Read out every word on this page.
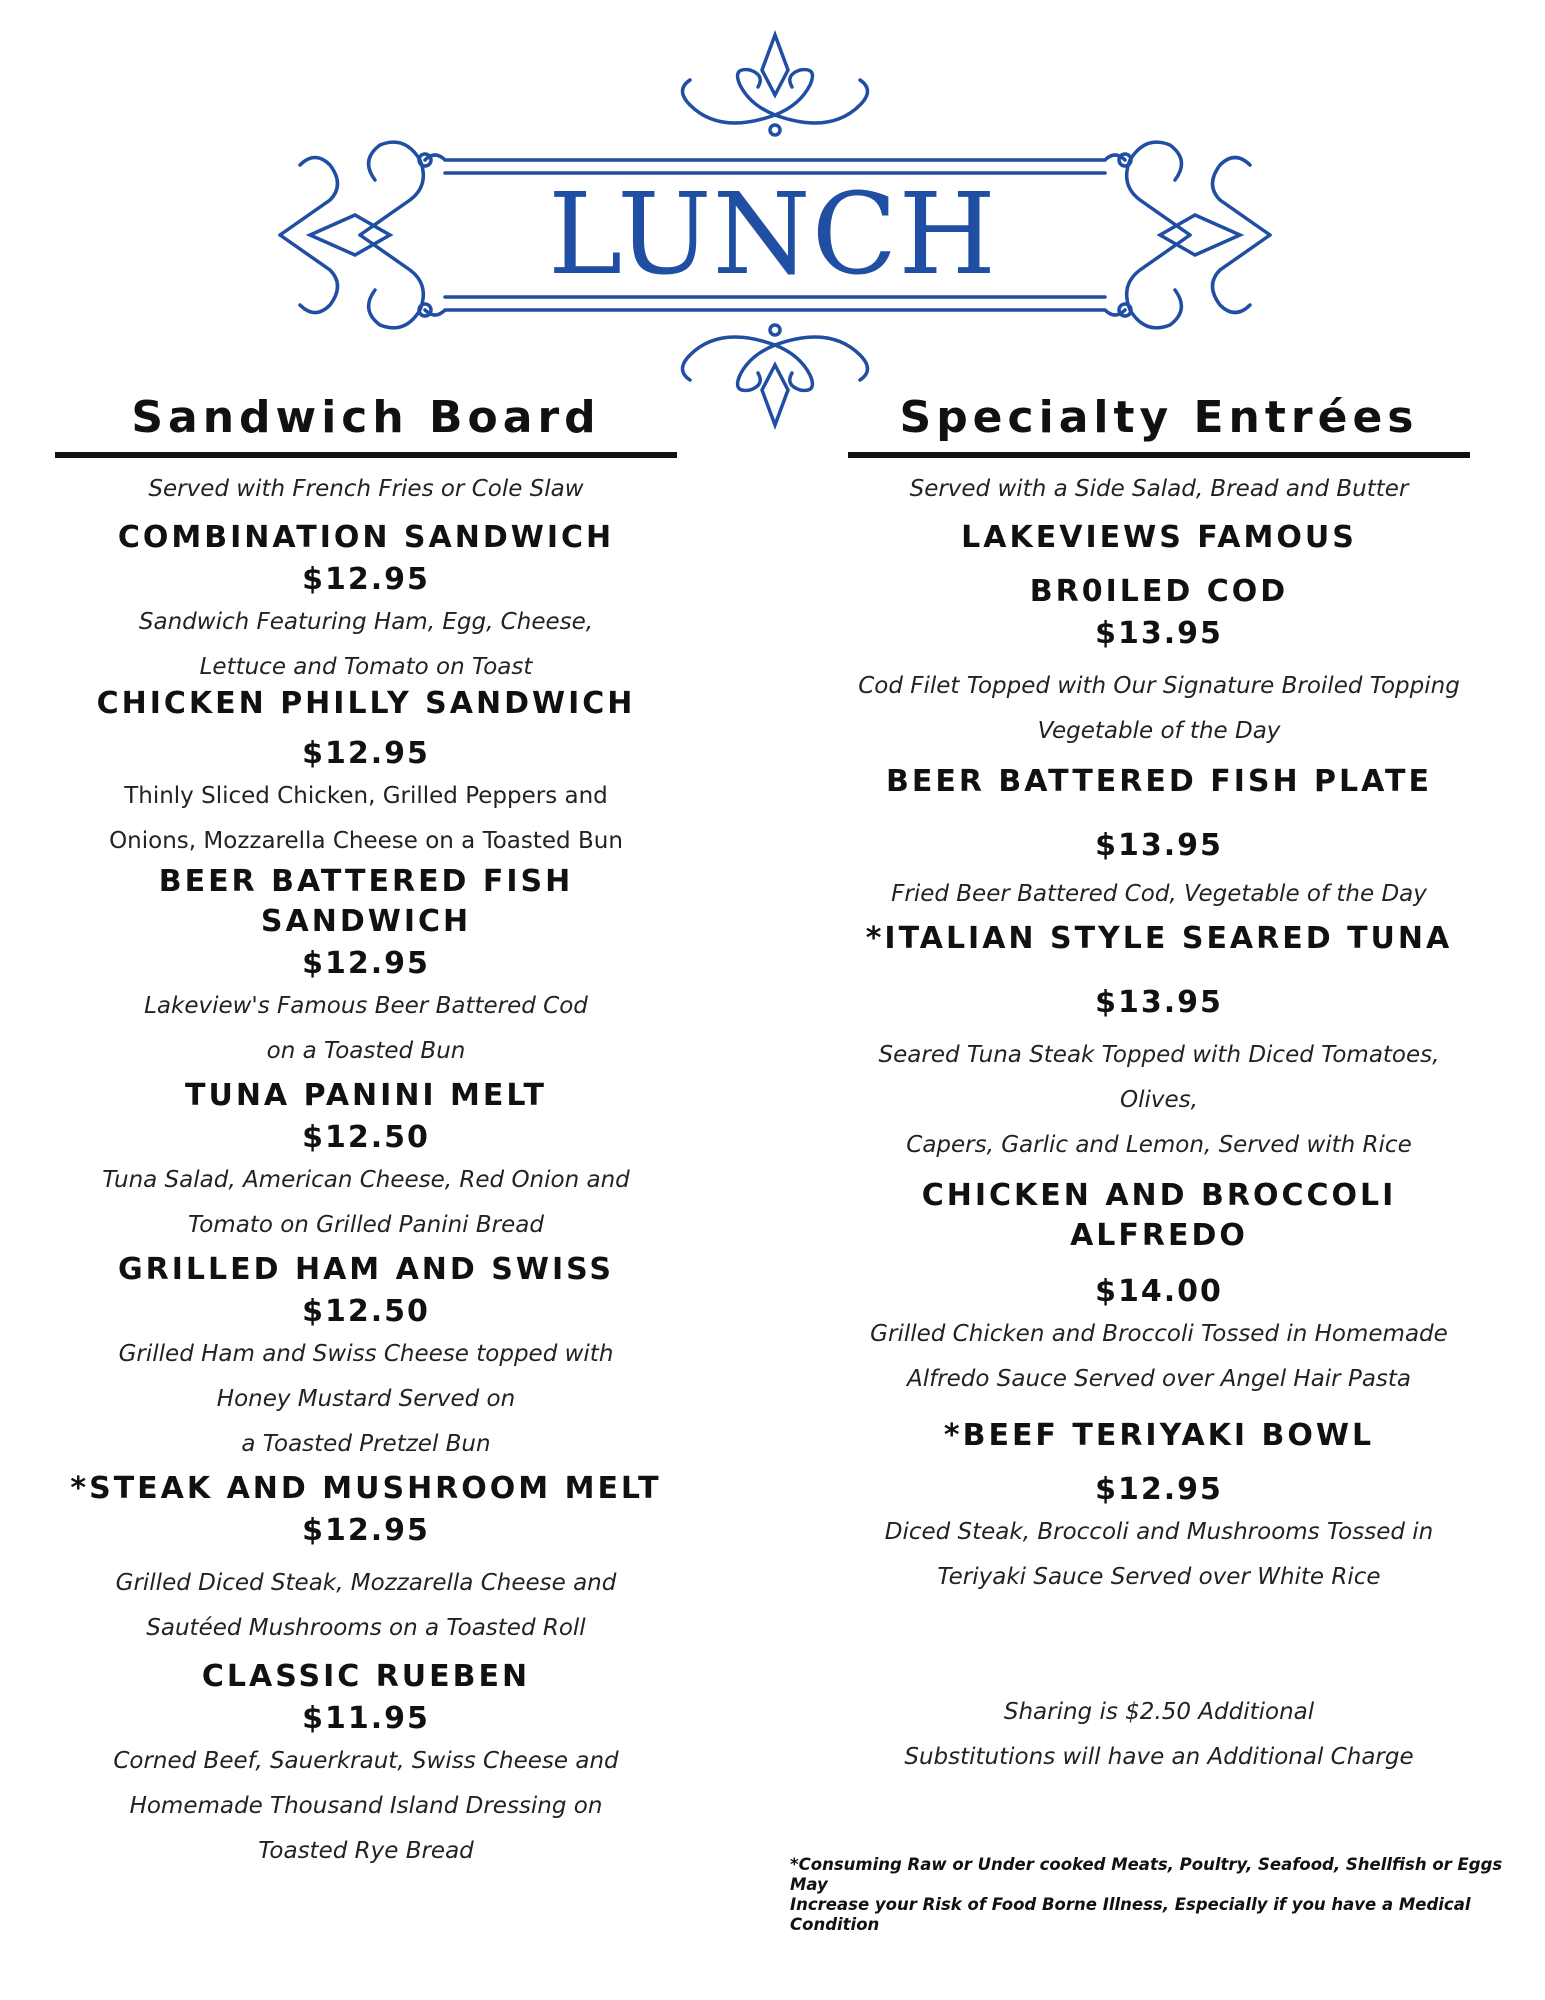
LUNCH
Sandwich Board

Served with French Fries or Cole Slaw

COMBINATION SANDWICH

$12.95

Sandwich Featuring Ham, Egg, Cheese,

Lettuce and Tomato on Toast

CHICKEN PHILLY SANDWICH

$12.95

Thinly Sliced Chicken, Grilled Peppers and

Onions, Mozzarella Cheese on a Toasted Bun

BEER BATTERED FISH SANDWICH

$12.95

Lakeview's Famous Beer Battered Cod

on a Toasted Bun

TUNA PANINI MELT

$12.50

Tuna Salad, American Cheese, Red Onion and

Tomato on Grilled Panini Bread

GRILLED HAM AND SWISS

$12.50

Grilled Ham and Swiss Cheese topped with

Honey Mustard Served on

a Toasted Pretzel Bun

*STEAK AND MUSHROOM MELT

$12.95

Grilled Diced Steak, Mozzarella Cheese and

Sautéed Mushrooms on a Toasted Roll

CLASSIC RUEBEN

$11.95

Corned Beef, Sauerkraut, Swiss Cheese and

Homemade Thousand Island Dressing on

Toasted Rye Bread

Specialty Entrées

Served with a Side Salad, Bread and Butter

LAKEVIEWS FAMOUS

BR0ILED COD

$13.95

Cod Filet Topped with Our Signature Broiled Topping

Vegetable of the Day

BEER BATTERED FISH PLATE

$13.95

Fried Beer Battered Cod, Vegetable of the Day

*ITALIAN STYLE SEARED TUNA

$13.95

Seared Tuna Steak Topped with Diced Tomatoes, Olives,

Capers, Garlic and Lemon, Served with Rice

CHICKEN AND BROCCOLI ALFREDO

$14.00

Grilled Chicken and Broccoli Tossed in Homemade

Alfredo Sauce Served over Angel Hair Pasta

*BEEF TERIYAKI BOWL

$12.95

Diced Steak, Broccoli and Mushrooms Tossed in

Teriyaki Sauce Served over White Rice

Sharing is $2.50 Additional
Substitutions will have an Additional Charge
*Consuming Raw or Under cooked Meats, Poultry, Seafood, Shellfish or Eggs May
Increase your Risk of Food Borne Illness, Especially if you have a Medical Condition
